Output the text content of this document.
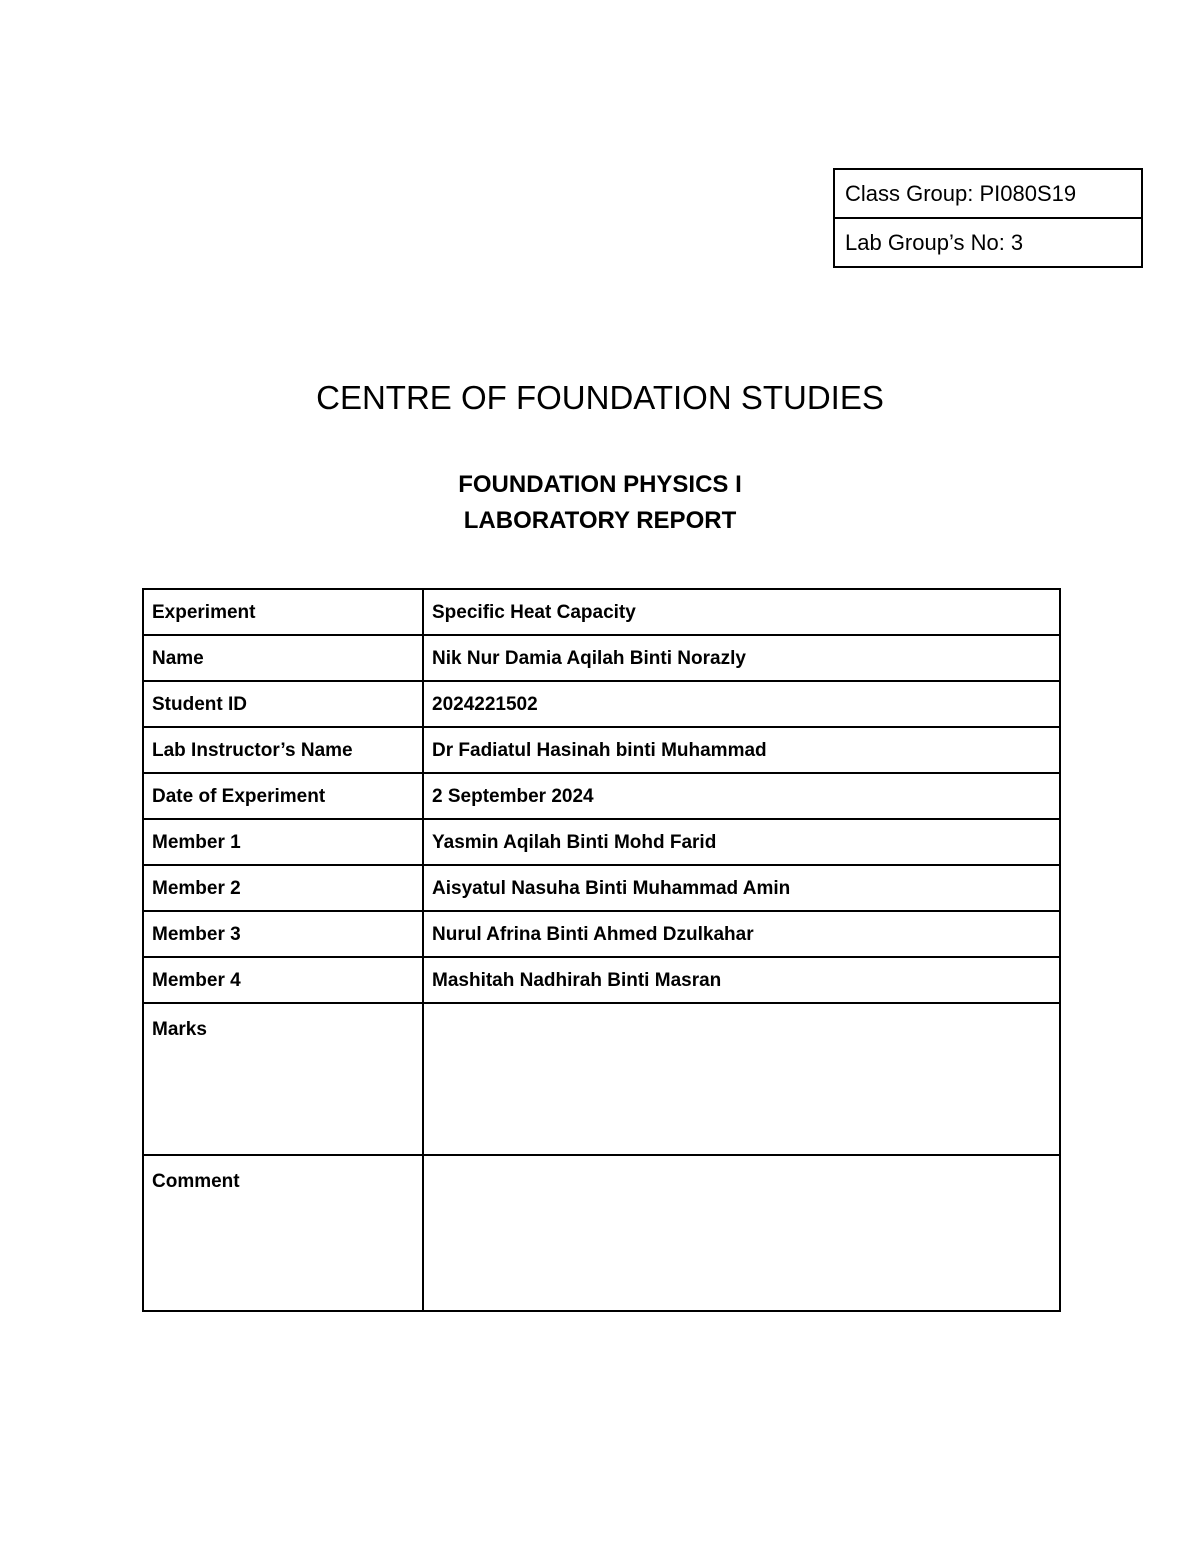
Class Group: PI080S19
Lab Group’s No: 3
CENTRE OF FOUNDATION STUDIES
FOUNDATION PHYSICS I
LABORATORY REPORT
Experiment	Specific Heat Capacity
Name	Nik Nur Damia Aqilah Binti Norazly
Student ID	2024221502
Lab Instructor’s Name	Dr Fadiatul Hasinah binti Muhammad
Date of Experiment	2 September 2024
Member 1	Yasmin Aqilah Binti Mohd Farid
Member 2	Aisyatul Nasuha Binti Muhammad Amin
Member 3	Nurul Afrina Binti Ahmed Dzulkahar
Member 4	Mashitah Nadhirah Binti Masran
Marks	
Comment	
